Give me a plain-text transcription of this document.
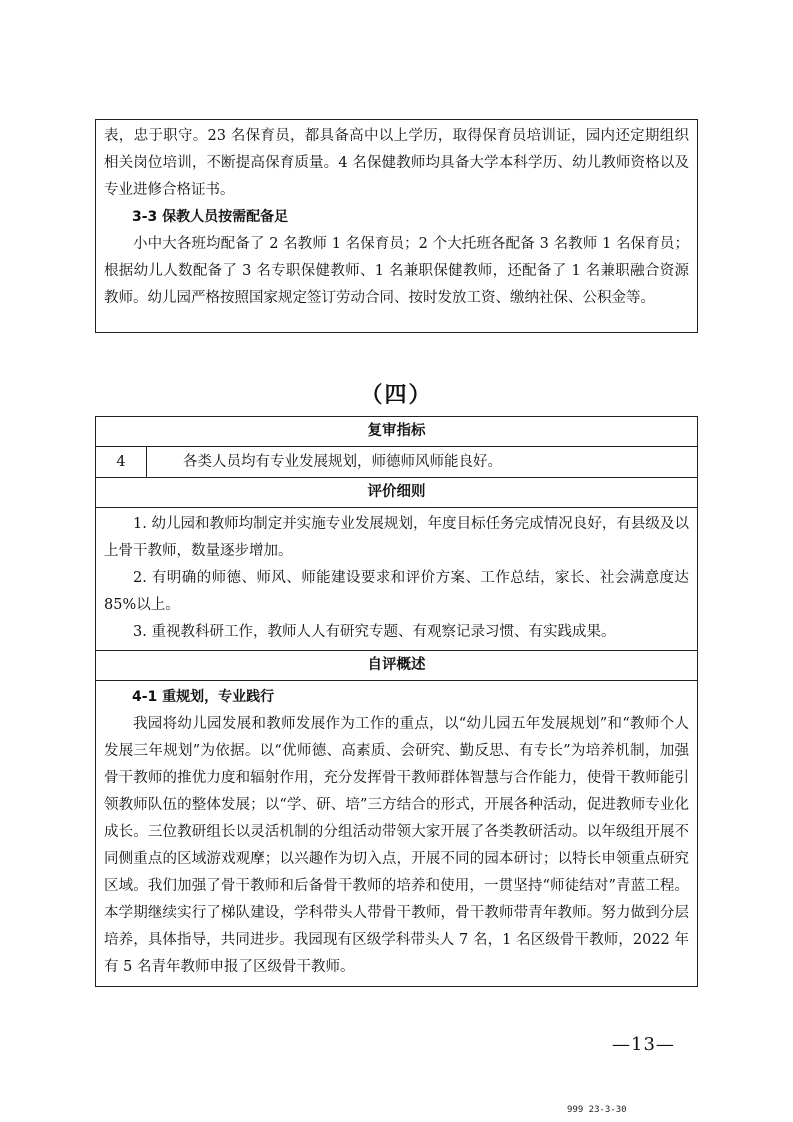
表，忠于职守。23 名保育员，都具备高中以上学历，取得保育员培训证，园内还定期组织相关岗位培训，不断提高保育质量。4 名保健教师均具备大学本科学历、幼儿教师资格以及专业进修合格证书。

3-3 保教人员按需配备足

小中大各班均配备了 2 名教师 1 名保育员；2 个大托班各配备 3 名教师 1 名保育员；根据幼儿人数配备了 3 名专职保健教师、1 名兼职保健教师，还配备了 1 名兼职融合资源教师。幼儿园严格按照国家规定签订劳动合同、按时发放工资、缴纳社保、公积金等。

（四）
复审指标
4	各类人员均有专业发展规划，师德师风师能良好。
评价细则

1. 幼儿园和教师均制定并实施专业发展规划，年度目标任务完成情况良好，有县级及以上骨干教师，数量逐步增加。

2. 有明确的师德、师风、师能建设要求和评价方案、工作总结，家长、社会满意度达 85%以上。

3. 重视教科研工作，教师人人有研究专题、有观察记录习惯、有实践成果。

自评概述

4-1 重规划，专业践行

我园将幼儿园发展和教师发展作为工作的重点，以“幼儿园五年发展规划”和“教师个人发展三年规划”为依据。以“优师德、高素质、会研究、勤反思、有专长”为培养机制，加强骨干教师的推优力度和辐射作用，充分发挥骨干教师群体智慧与合作能力，使骨干教师能引领教师队伍的整体发展；以“学、研、培”三方结合的形式，开展各种活动，促进教师专业化成长。三位教研组长以灵活机制的分组活动带领大家开展了各类教研活动。以年级组开展不同侧重点的区域游戏观摩；以兴趣作为切入点，开展不同的园本研讨；以特长申领重点研究区域。我们加强了骨干教师和后备骨干教师的培养和使用，一贯坚持“师徒结对”青蓝工程。本学期继续实行了梯队建设，学科带头人带骨干教师，骨干教师带青年教师。努力做到分层培养，具体指导，共同进步。我园现有区级学科带头人 7 名，1 名区级骨干教师，2022 年有 5 名青年教师申报了区级骨干教师。

—13—
999 23-3-30
